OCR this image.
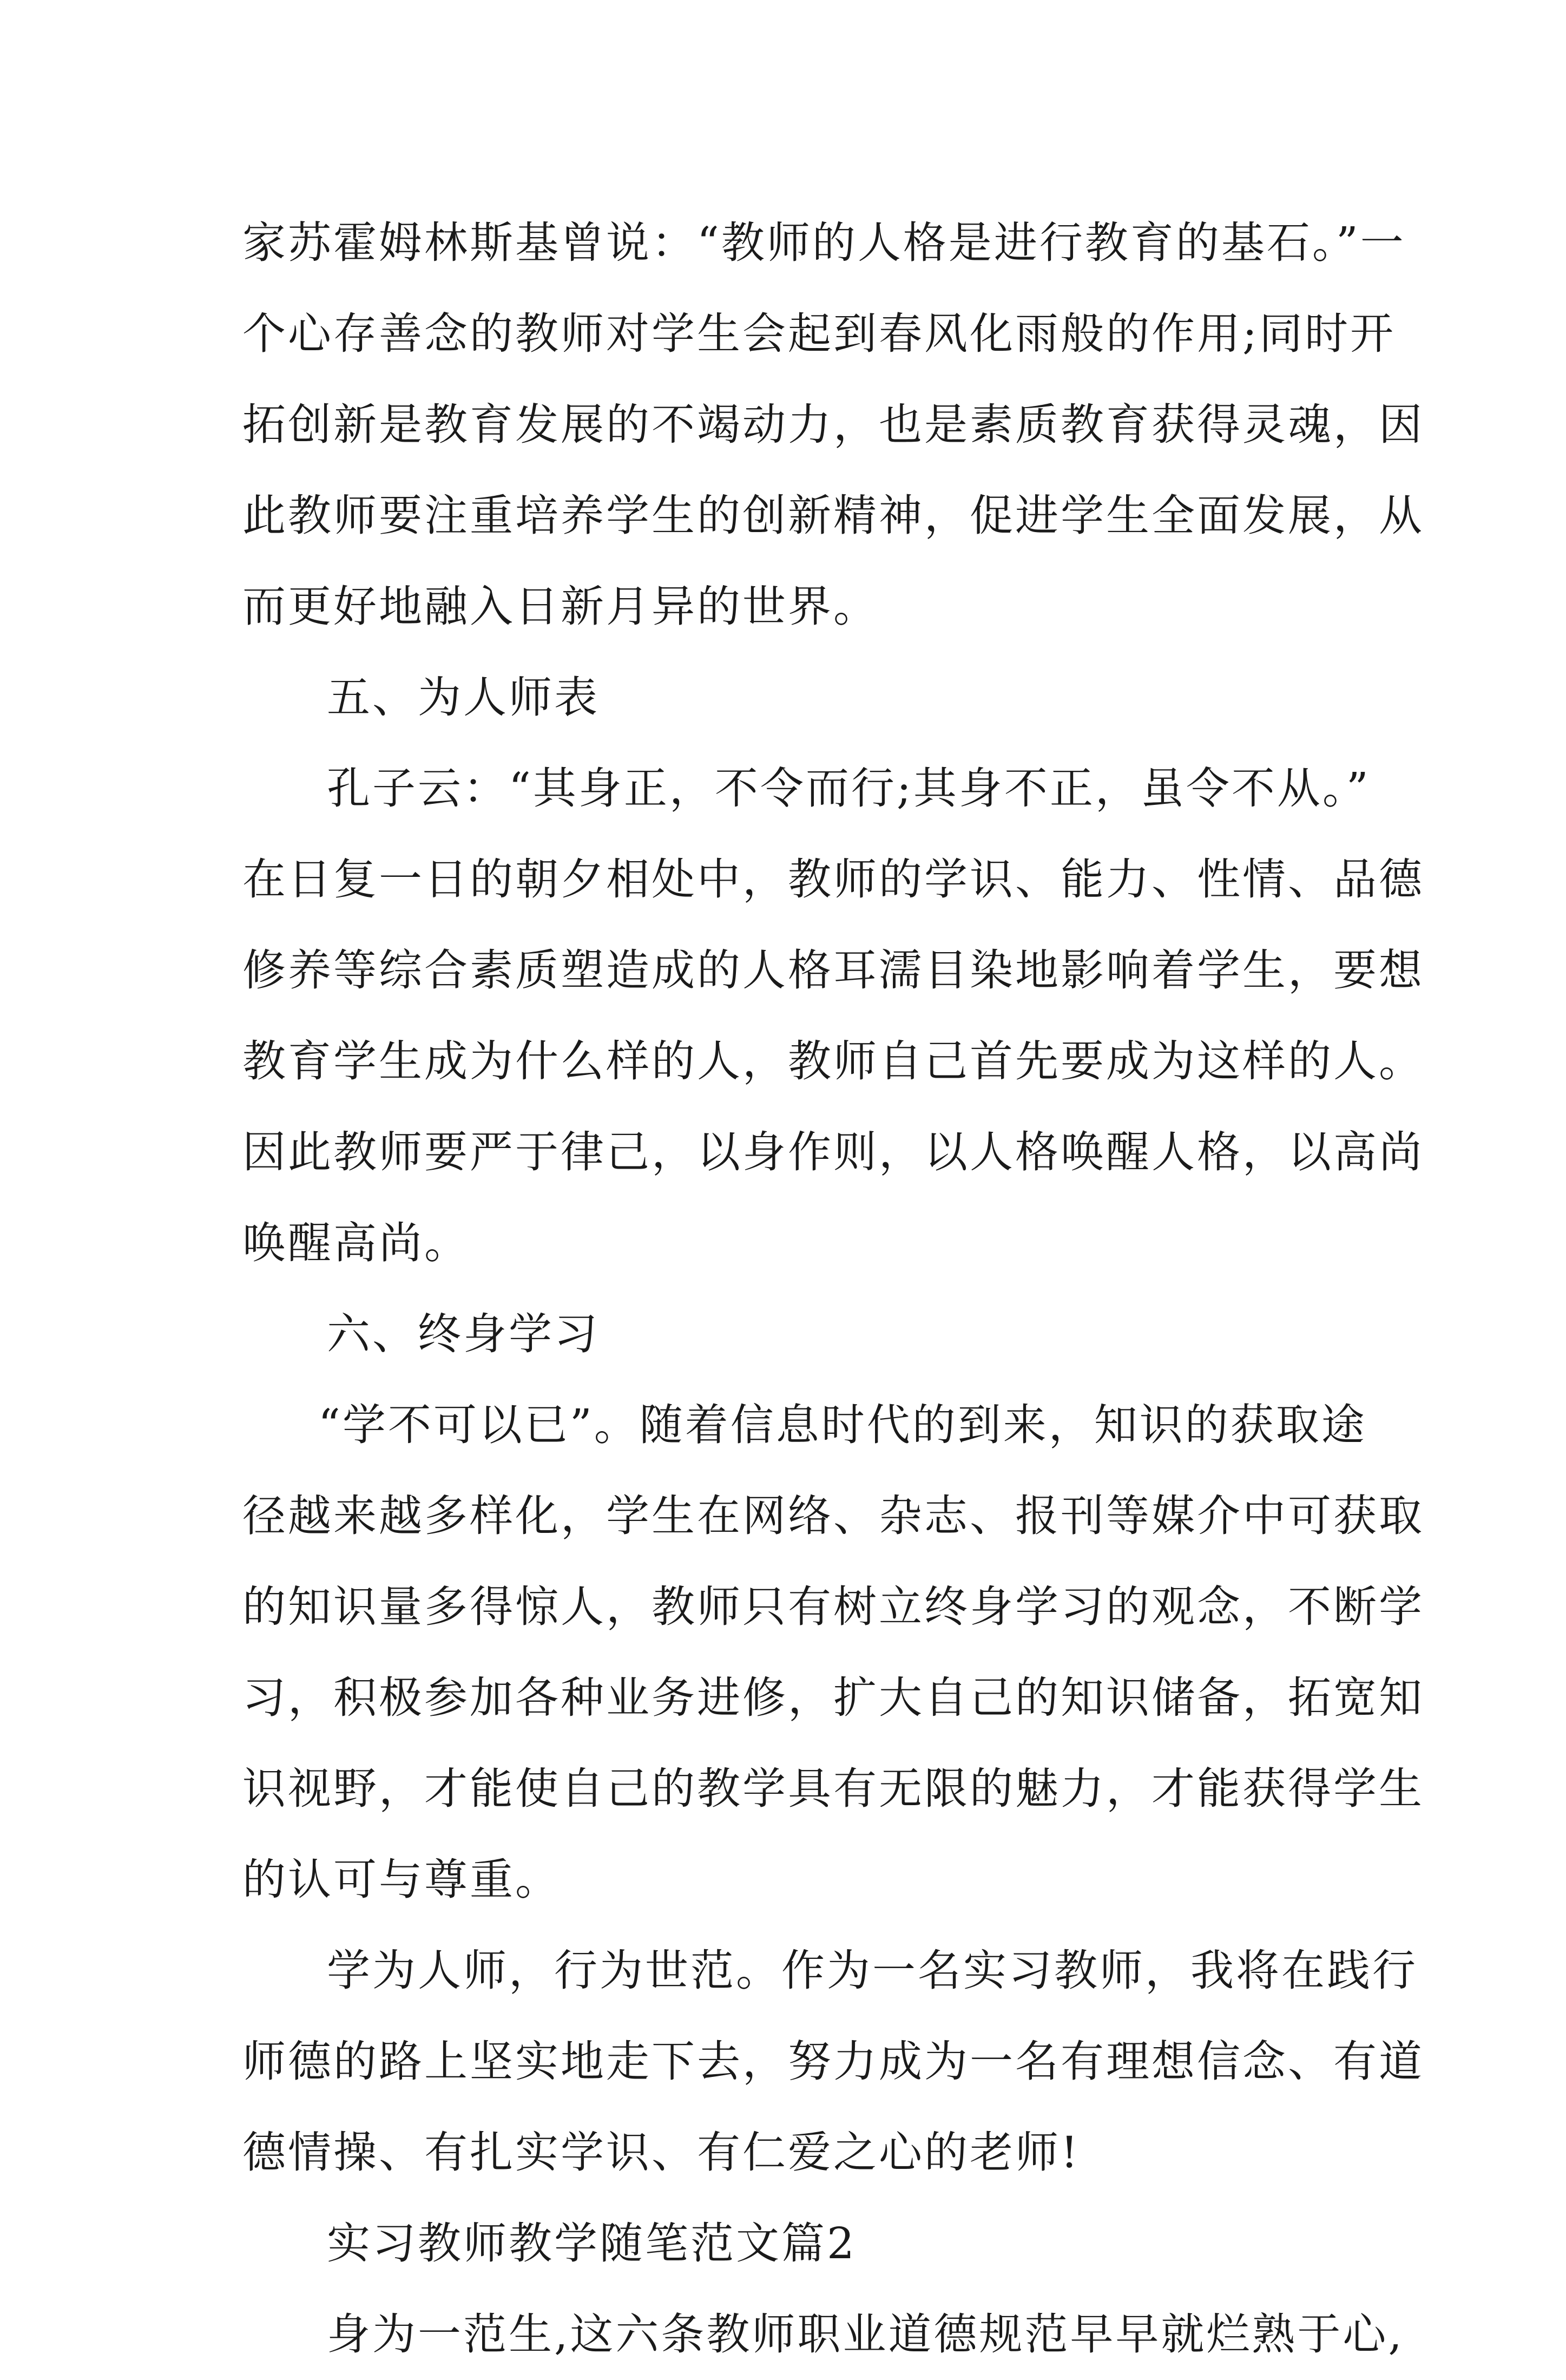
家苏霍姆林斯基曾说：“教师的人格是进行教育的基石。”一
个心存善念的教师对学生会起到春风化雨般的作用;同时开
拓创新是教育发展的不竭动力，也是素质教育获得灵魂，因
此教师要注重培养学生的创新精神，促进学生全面发展，从
而更好地融入日新月异的世界。
五、为人师表
孔子云：“其身正，不令而行;其身不正，虽令不从。”
在日复一日的朝夕相处中，教师的学识、能力、性情、品德
修养等综合素质塑造成的人格耳濡目染地影响着学生，要想
教育学生成为什么样的人，教师自己首先要成为这样的人。
因此教师要严于律己，以身作则，以人格唤醒人格，以高尚
唤醒高尚。
六、终身学习
“学不可以已”。随着信息时代的到来，知识的获取途
径越来越多样化，学生在网络、杂志、报刊等媒介中可获取
的知识量多得惊人，教师只有树立终身学习的观念，不断学
习，积极参加各种业务进修，扩大自己的知识储备，拓宽知
识视野，才能使自己的教学具有无限的魅力，才能获得学生
的认可与尊重。
学为人师，行为世范。作为一名实习教师，我将在践行
师德的路上坚实地走下去，努力成为一名有理想信念、有道
德情操、有扎实学识、有仁爱之心的老师!
实习教师教学随笔范文篇2
身为一范生,这六条教师职业道德规范早早就烂熟于心,
